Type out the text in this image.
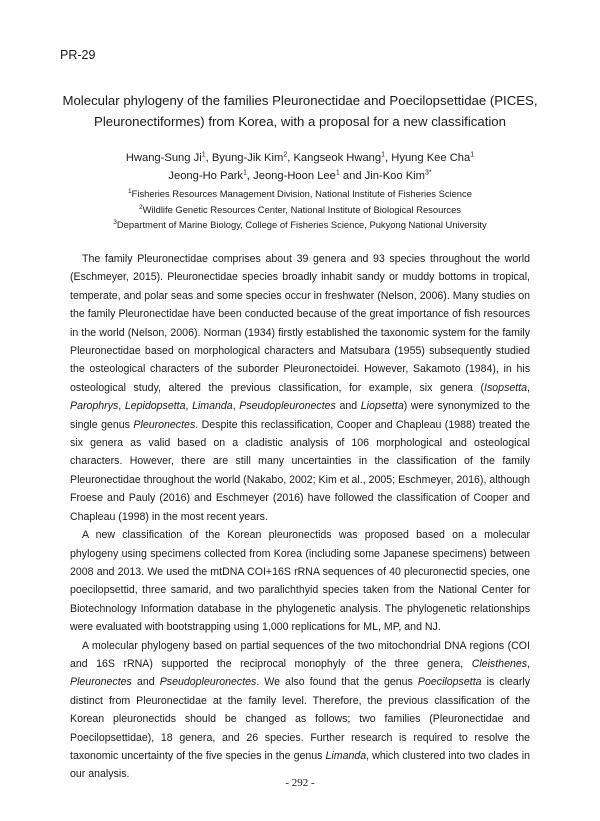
PR-29
Molecular phylogeny of the families Pleuronectidae and Poecilopsettidae (PICES,
Pleuronectiformes) from Korea, with a proposal for a new classification
Hwang-Sung Ji$^1$, Byung-Jik Kim$^2$, Kangseok Hwang$^1$, Hyung Kee Cha$^1$
Jeong-Ho Park$^1$, Jeong-Hoon Lee$^1$ and Jin-Koo Kim$^{3*}$
$^1$Fisheries Resources Management Division, National Institute of Fisheries Science
$^2$Wildlife Genetic Resources Center, National Institute of Biological Resources
$^3$Department of Marine Biology, College of Fisheries Science, Pukyong National University

The family Pleuronectidae comprises about 39 genera and 93 species throughout the world (Eschmeyer, 2015). Pleuronectidae species broadly inhabit sandy or muddy bottoms in tropical, temperate, and polar seas and some species occur in freshwater (Nelson, 2006). Many studies on the family Pleuronectidae have been conducted because of the great importance of fish resources in the world (Nelson, 2006). Norman (1934) firstly established the taxonomic system for the family Pleuronectidae based on morphological characters and Matsubara (1955) subsequently studied the osteological characters of the suborder Pleuronectoidei. However, Sakamoto (1984), in his osteological study, altered the previous classification, for example, six genera (Isopsetta, Parophrys, Lepidopsetta, Limanda, Pseudopleuronectes and Liopsetta) were synonymized to the single genus Pleuronectes. Despite this reclassification, Cooper and Chapleau (1988) treated the six genera as valid based on a cladistic analysis of 106 morphological and osteological characters. However, there are still many uncertainties in the classification of the family Pleuronectidae throughout the world (Nakabo, 2002; Kim et al., 2005; Eschmeyer, 2016), although Froese and Pauly (2016) and Eschmeyer (2016) have followed the classification of Cooper and Chapleau (1998) in the most recent years.

A new classification of the Korean pleuronectids was proposed based on a molecular phylogeny using specimens collected from Korea (including some Japanese specimens) between 2008 and 2013. We used the mtDNA COI+16S rRNA sequences of 40 plecuronectid species, one poecilopsettid, three samarid, and two paralichthyid species taken from the National Center for Biotechnology Information database in the phylogenetic analysis. The phylogenetic relationships were evaluated with bootstrapping using 1,000 replications for ML, MP, and NJ.

A molecular phylogeny based on partial sequences of the two mitochondrial DNA regions (COI and 16S rRNA) supported the reciprocal monophyly of the three genera, Cleisthenes, Pleuronectes and Pseudopleuronectes. We also found that the genus Poecilopsetta is clearly distinct from Pleuronectidae at the family level. Therefore, the previous classification of the Korean pleuronectids should be changed as follows; two families (Pleuronectidae and Poecilopsettidae), 18 genera, and 26 species. Further research is required to resolve the taxonomic uncertainty of the five species in the genus Limanda, which clustered into two clades in our analysis.

- 292 -
